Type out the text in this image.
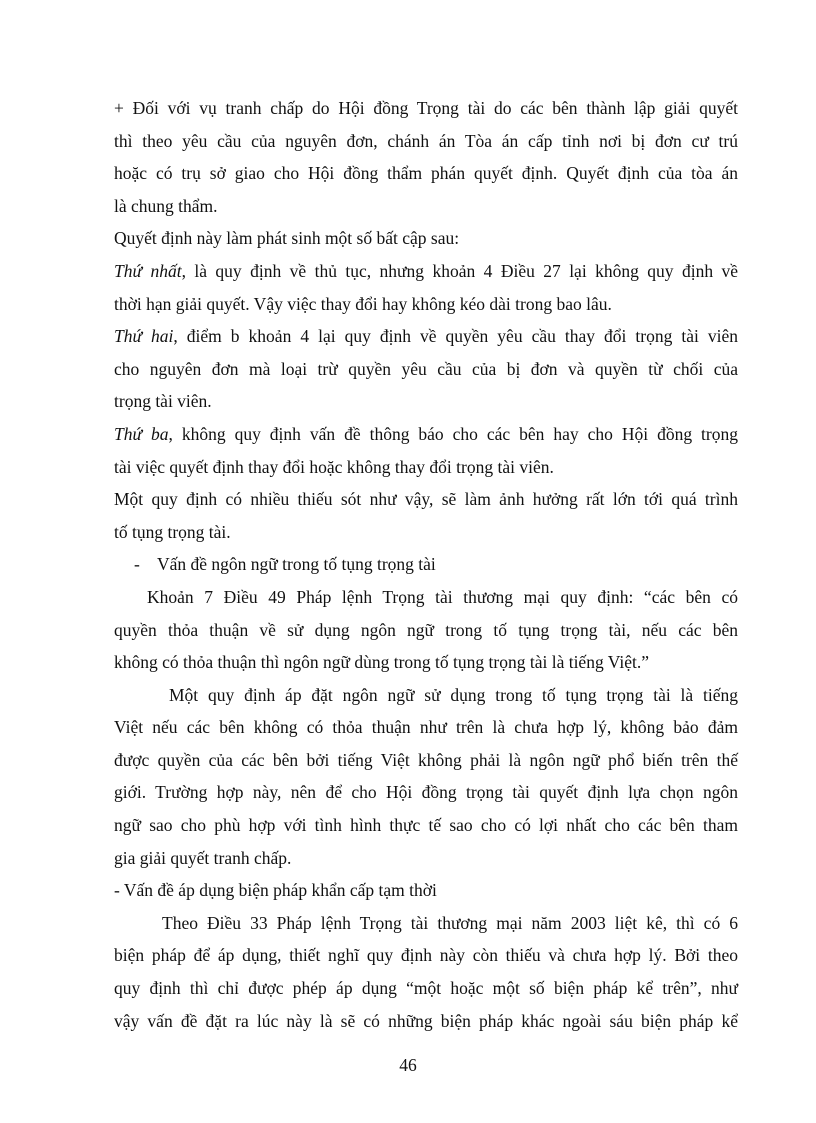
+ Đối với vụ tranh chấp do Hội đồng Trọng tài do các bên thành lập giải quyết

thì theo yêu cầu của nguyên đơn, chánh án Tòa án cấp tỉnh nơi bị đơn cư trú

hoặc có trụ sở giao cho Hội đồng thẩm phán quyết định. Quyết định của tòa án

là chung thẩm.

Quyết định này làm phát sinh một số bất cập sau:

Thứ nhất, là quy định về thủ tục, nhưng khoản 4 Điều 27 lại không quy định về

thời hạn giải quyết. Vậy việc thay đổi hay không kéo dài trong bao lâu.

Thứ hai, điểm b khoản 4 lại quy định về quyền yêu cầu thay đổi trọng tài viên

cho nguyên đơn mà loại trừ quyền yêu cầu của bị đơn và quyền từ chối của

trọng tài viên.

Thứ ba, không quy định vấn đề thông báo cho các bên hay cho Hội đồng trọng

tài việc quyết định thay đổi hoặc không thay đổi trọng tài viên.

Một quy định có nhiều thiếu sót như vậy, sẽ làm ảnh hưởng rất lớn tới quá trình

tố tụng trọng tài.

-    Vấn đề ngôn ngữ trong tố tụng trọng tài

Khoản 7 Điều 49 Pháp lệnh Trọng tài thương mại quy định: “các bên có

quyền thỏa thuận về sử dụng ngôn ngữ trong tố tụng trọng tài, nếu các bên

không có thỏa thuận thì ngôn ngữ dùng trong tố tụng trọng tài là tiếng Việt.”

Một quy định áp đặt ngôn ngữ sử dụng trong tố tụng trọng tài là tiếng

Việt nếu các bên không có thỏa thuận như trên là chưa hợp lý, không bảo đảm

được quyền của các bên bởi tiếng Việt không phải là ngôn ngữ phổ biến trên thế

giới. Trường hợp này, nên để cho Hội đồng trọng tài quyết định lựa chọn ngôn

ngữ sao cho phù hợp với tình hình thực tế sao cho có lợi nhất cho các bên tham

gia giải quyết tranh chấp.

- Vấn đề áp dụng biện pháp khẩn cấp tạm thời

Theo Điều 33 Pháp lệnh Trọng tài thương mại năm 2003 liệt kê, thì có 6

biện pháp để áp dụng, thiết nghĩ quy định này còn thiếu và chưa hợp lý. Bởi theo

quy định thì chỉ được phép áp dụng “một hoặc một số biện pháp kể trên”, như

vậy vấn đề đặt ra lúc này là sẽ có những biện pháp khác ngoài sáu biện pháp kể

46
